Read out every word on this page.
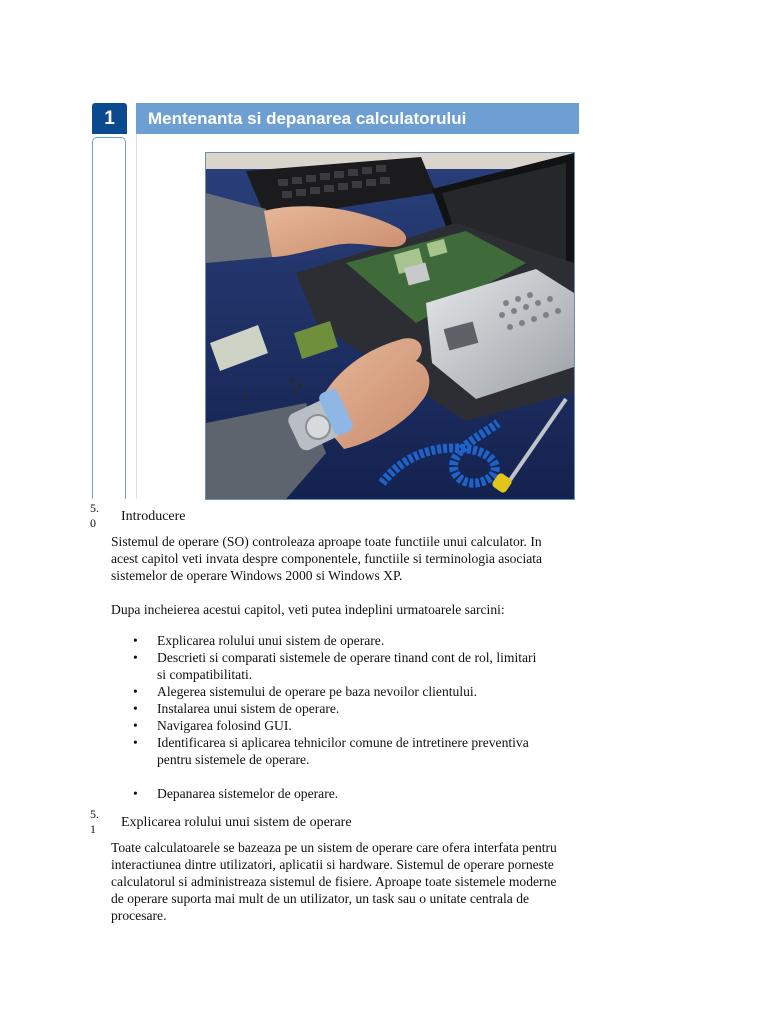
1	Mentenanta si depanarea calculatorului
5.
0	Introducere
Sistemul de operare (SO) controleaza aproape toate functiile unui calculator. In
acest capitol veti invata despre componentele, functiile si terminologia asociata
sistemelor de operare Windows 2000 si Windows XP.
Dupa incheierea acestui capitol, veti putea indeplini urmatoarele sarcini:
• Explicarea rolului unui sistem de operare.
• Descrieti si comparati sistemele de operare tinand cont de rol, limitari
si compatibilitati.
• Alegerea sistemului de operare pe baza nevoilor clientului.
• Instalarea unui sistem de operare.
• Navigarea folosind GUI.
• Identificarea si aplicarea tehnicilor comune de intretinere preventiva
pentru sistemele de operare.
• Depanarea sistemelor de operare.
5.
1	Explicarea rolului unui sistem de operare
Toate calculatoarele se bazeaza pe un sistem de operare care ofera interfata pentru
interactiunea dintre utilizatori, aplicatii si hardware. Sistemul de operare porneste
calculatorul si administreaza sistemul de fisiere. Aproape toate sistemele moderne
de operare suporta mai mult de un utilizator, un task sau o unitate centrala de
procesare.
